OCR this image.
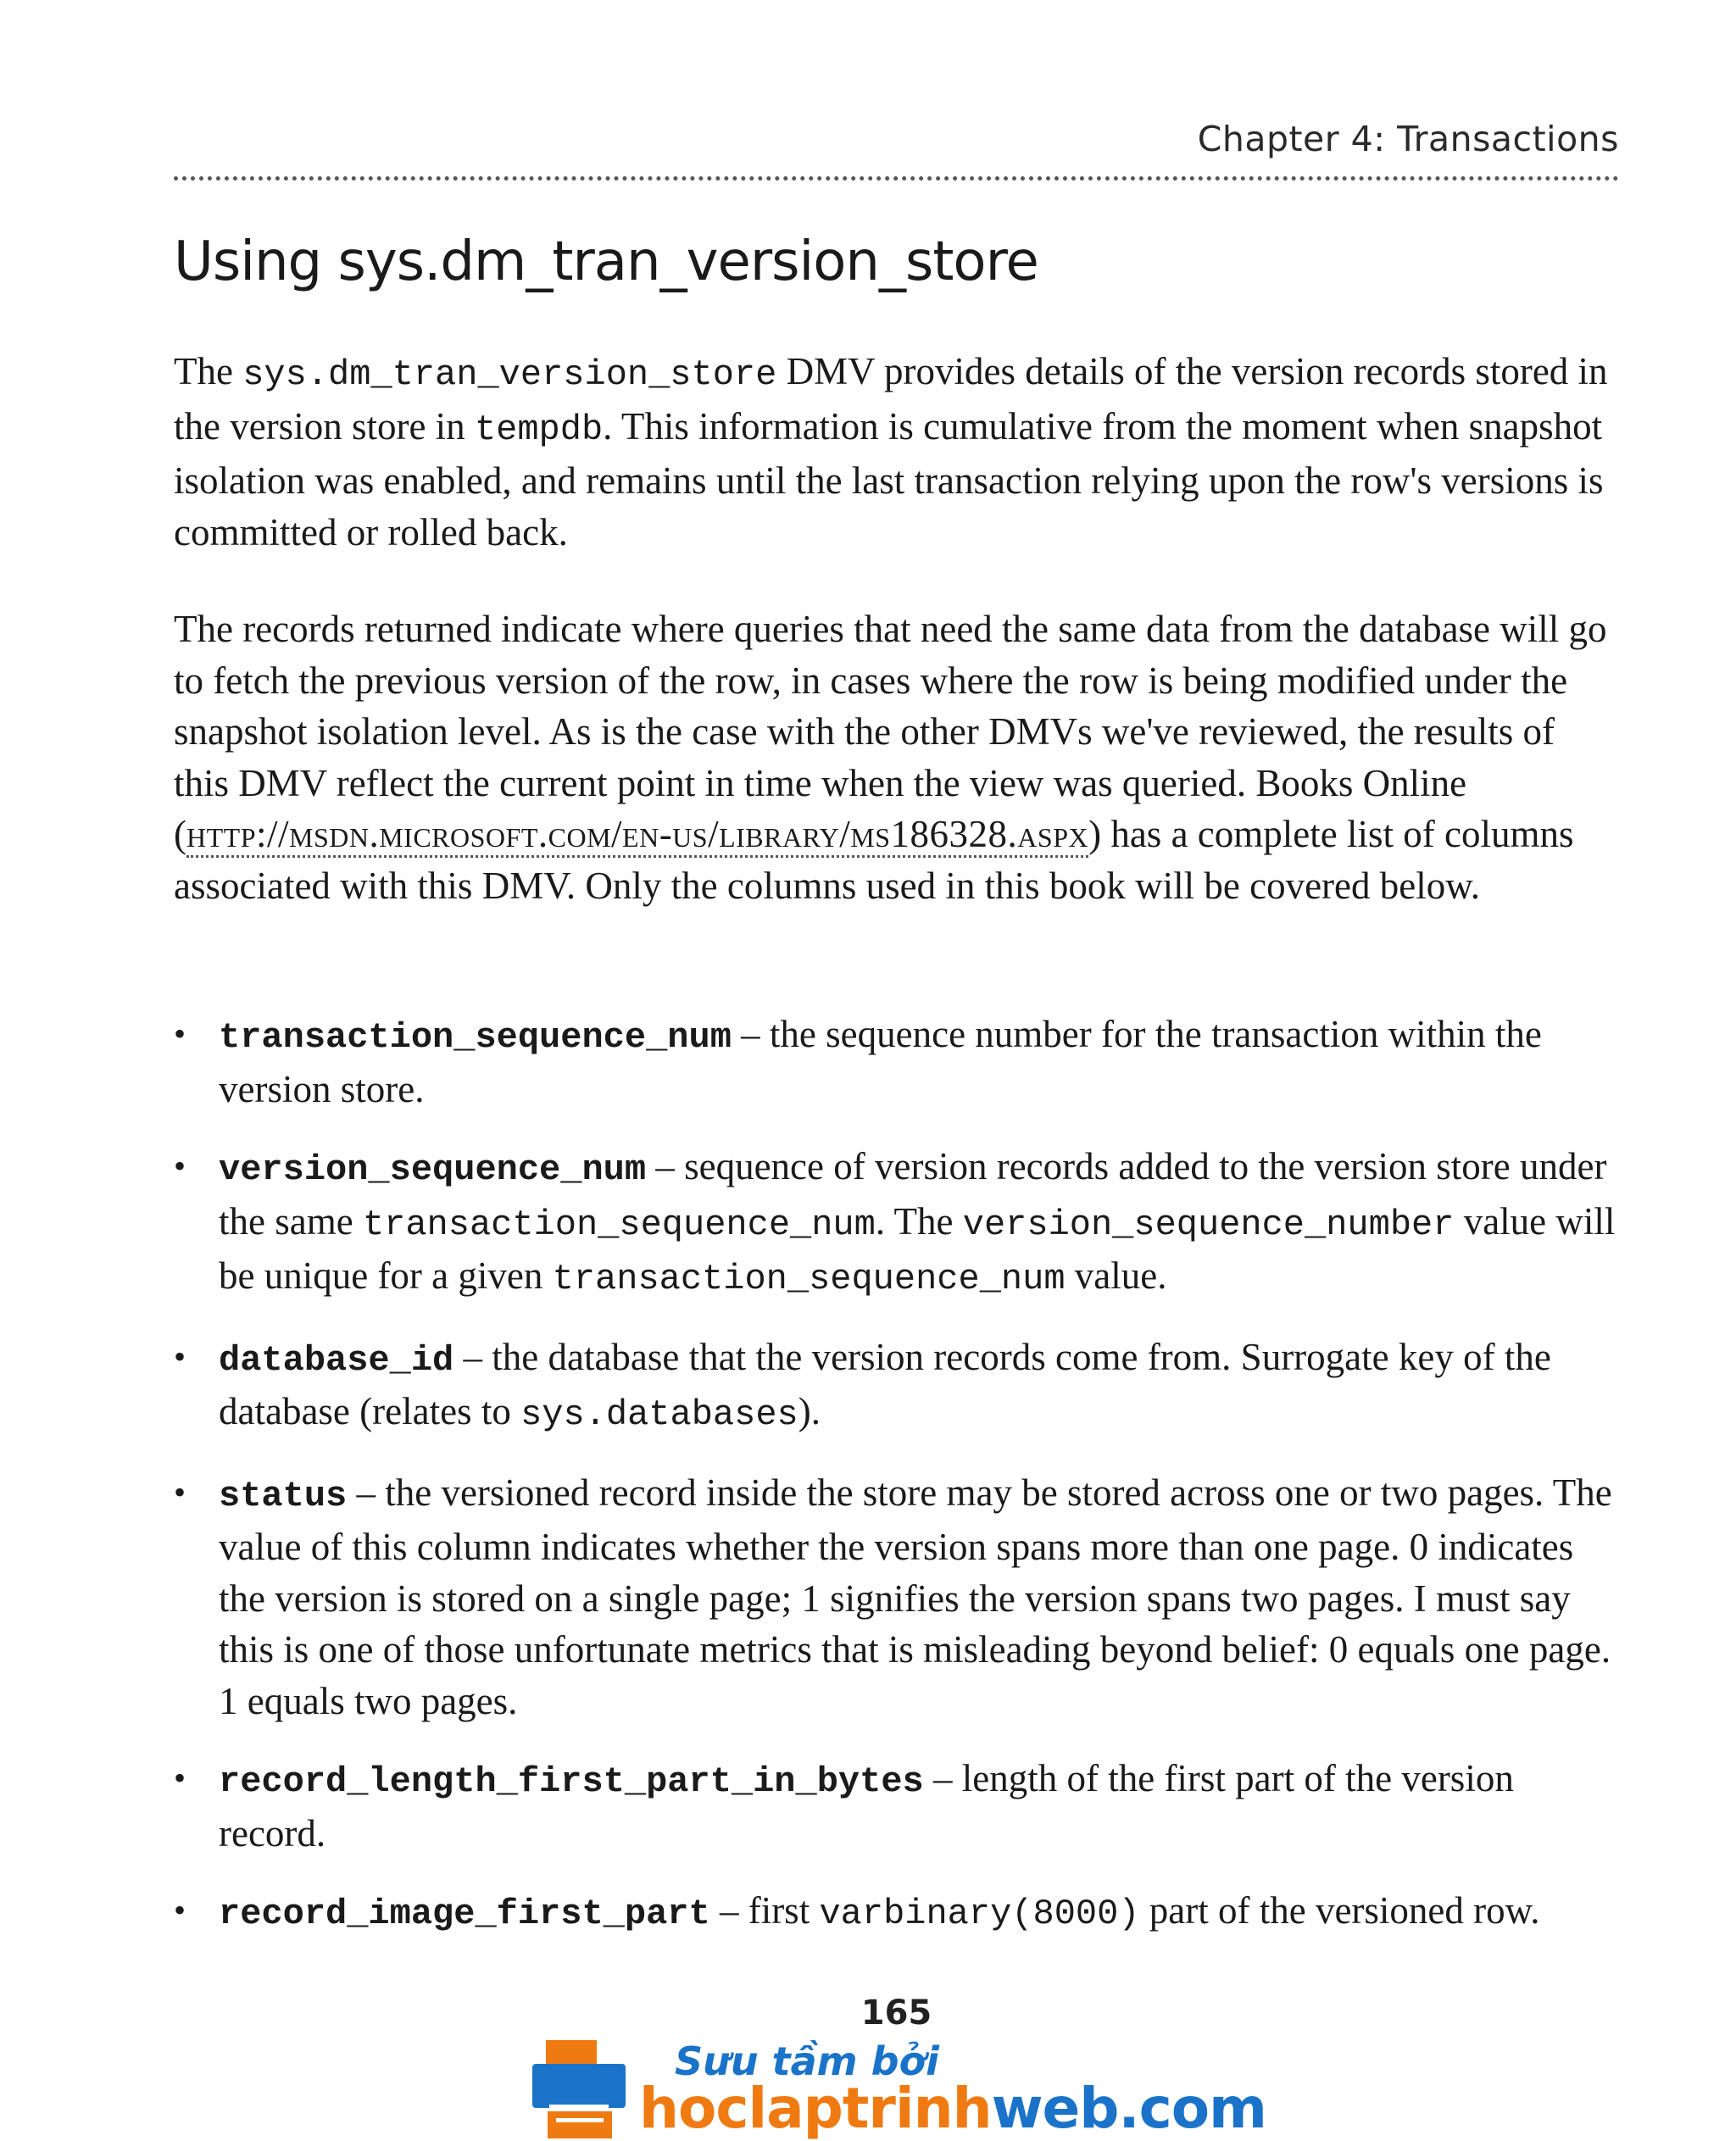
Chapter 4: Transactions
Using sys.dm_tran_version_store

The sys.dm_tran_version_store DMV provides details of the version records stored in the version store in tempdb. This information is cumulative from the moment when snapshot isolation was enabled, and remains until the last transaction relying upon the row's versions is committed or rolled back.

The records returned indicate where queries that need the same data from the database will go to fetch the previous version of the row, in cases where the row is being modified under the snapshot isolation level. As is the case with the other DMVs we've reviewed, the results of this DMV reflect the current point in time when the view was queried. Books Online (http://msdn.microsoft.com/en-us/library/ms186328.aspx) has a complete list of columns associated with this DMV. Only the columns used in this book will be covered below.

• transaction_sequence_num – the sequence number for the transaction within the version store.
• version_sequence_num – sequence of version records added to the version store under the same transaction_sequence_num. The version_sequence_number value will be unique for a given transaction_sequence_num value.
• database_id – the database that the version records come from. Surrogate key of the database (relates to sys.databases).
• status – the versioned record inside the store may be stored across one or two pages. The value of this column indicates whether the version spans more than one page. 0 indicates the version is stored on a single page; 1 signifies the version spans two pages. I must say this is one of those unfortunate metrics that is misleading beyond belief: 0 equals one page. 1 equals two pages.
• record_length_first_part_in_bytes – length of the first part of the version record.
• record_image_first_part – first varbinary(8000) part of the versioned row.
165
Sưu tầm bởi
hoclaptrinhweb.com
